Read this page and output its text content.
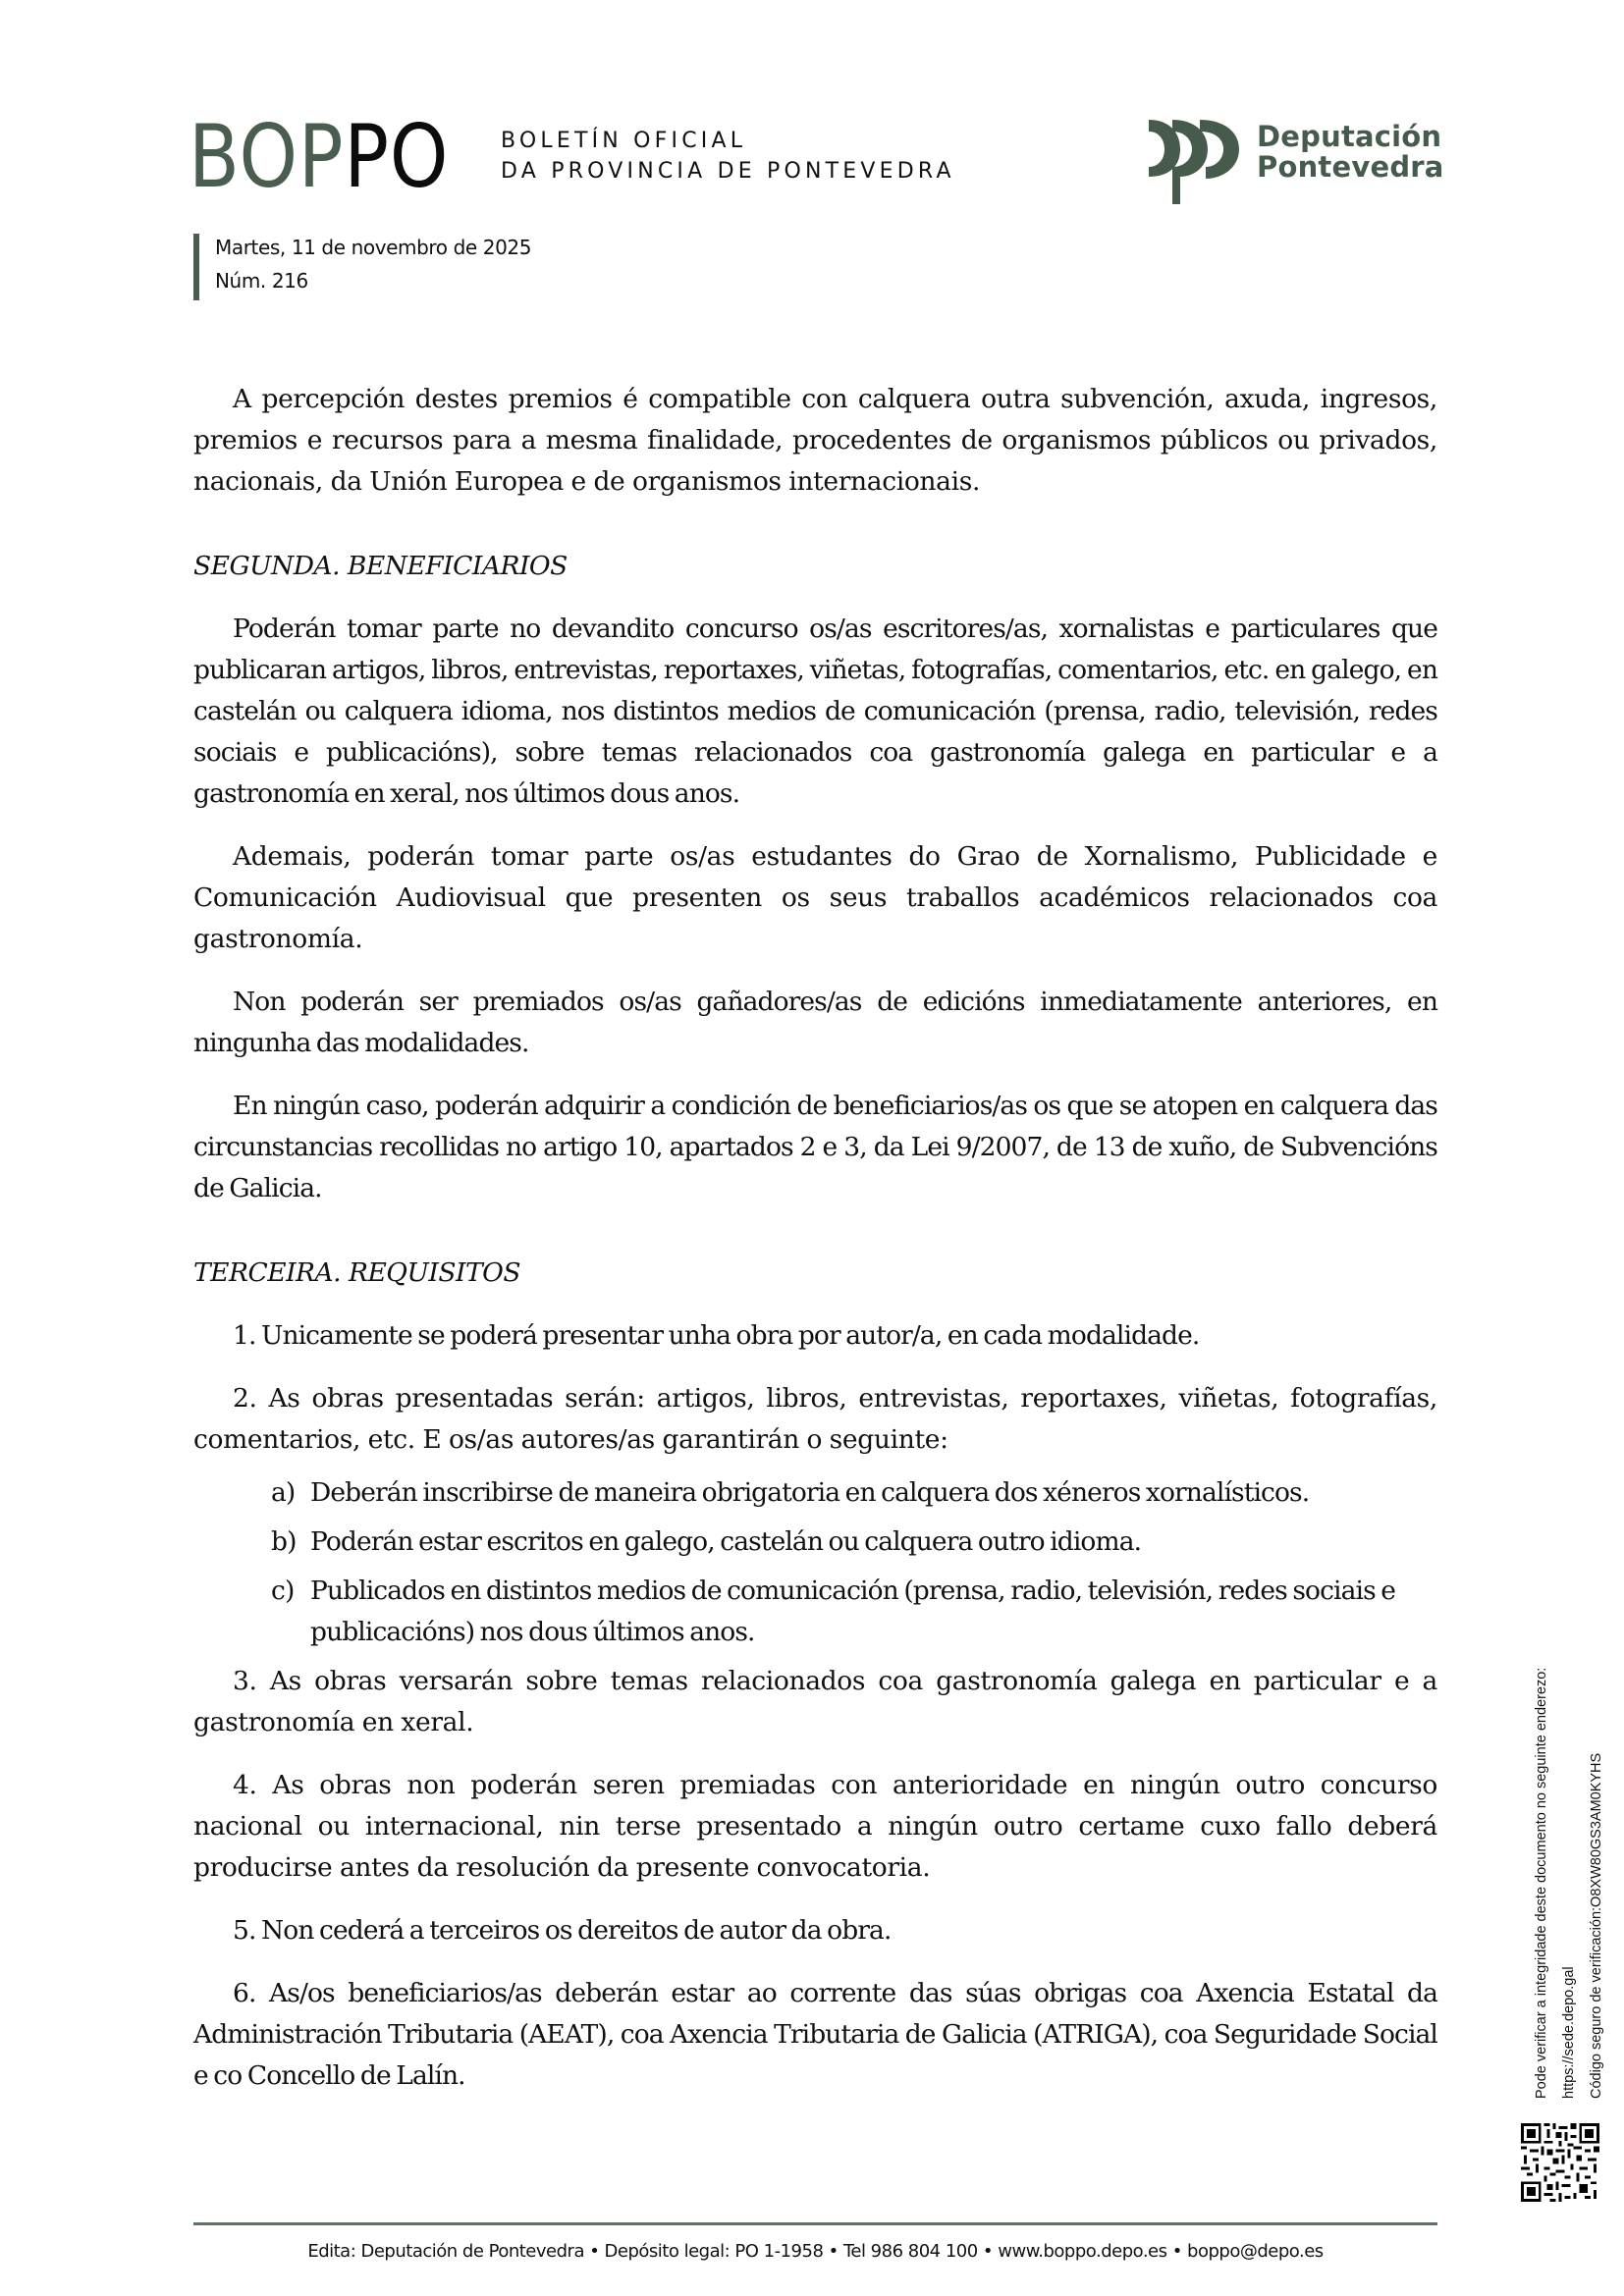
BOPPO BOLETÍN OFICIAL
DA PROVINCIA DE PONTEVEDRA
Deputación
Pontevedra
Martes, 11 de novembro de 2025
Núm. 216

A percepción destes premios é compatible con calquera outra subvención, axuda, ingresos, premios e recursos para a mesma finalidade, procedentes de organismos públicos ou privados, nacionais, da Unión Europea e de organismos internacionais.

SEGUNDA. BENEFICIARIOS

Poderán tomar parte no devandito concurso os/as escritores/as, xornalistas e particulares que publicaran artigos, libros, entrevistas, reportaxes, viñetas, fotografías, comentarios, etc. en galego, en castelán ou calquera idioma, nos distintos medios de comunicación (prensa, radio, televisión, redes sociais e publicacións), sobre temas relacionados coa gastronomía galega en particular e a gastronomía en xeral, nos últimos dous anos.

Ademais, poderán tomar parte os/as estudantes do Grao de Xornalismo, Publicidade e Comunicación Audiovisual que presenten os seus traballos académicos relacionados coa gastronomía.

Non poderán ser premiados os/as gañadores/as de edicións inmediatamente anteriores, en ningunha das modalidades.

En ningún caso, poderán adquirir a condición de beneficiarios/as os que se atopen en calquera das circunstancias recollidas no artigo 10, apartados 2 e 3, da Lei 9/2007, de 13 de xuño, de Subvencións de Galicia.

TERCEIRA. REQUISITOS

1. Unicamente se poderá presentar unha obra por autor/a, en cada modalidade.

2. As obras presentadas serán: artigos, libros, entrevistas, reportaxes, viñetas, fotografías, comentarios, etc. E os/as autores/as garantirán o seguinte:

a) Deberán inscribirse de maneira obrigatoria en calquera dos xéneros xornalísticos.
b) Poderán estar escritos en galego, castelán ou calquera outro idioma.
c) Publicados en distintos medios de comunicación (prensa, radio, televisión, redes sociais e publicacións) nos dous últimos anos.

3. As obras versarán sobre temas relacionados coa gastronomía galega en particular e a gastronomía en xeral.

4. As obras non poderán seren premiadas con anterioridade en ningún outro concurso nacional ou internacional, nin terse presentado a ningún outro certame cuxo fallo deberá producirse antes da resolución da presente convocatoria.

5. Non cederá a terceiros os dereitos de autor da obra.

6. As/os beneficiarios/as deberán estar ao corrente das súas obrigas coa Axencia Estatal da Administración Tributaria (AEAT), coa Axencia Tributaria de Galicia (ATRIGA), coa Seguridade Social e co Concello de Lalín.	Pode verificar a integridade deste documento no seguinte enderezo: https://sede.depo.gal Código seguro de verificación:O8XW80GS3AM0KYHS
Edita: Deputación de Pontevedra • Depósito legal: PO 1-1958 • Tel 986 804 100 • www.boppo.depo.es • boppo@depo.es
